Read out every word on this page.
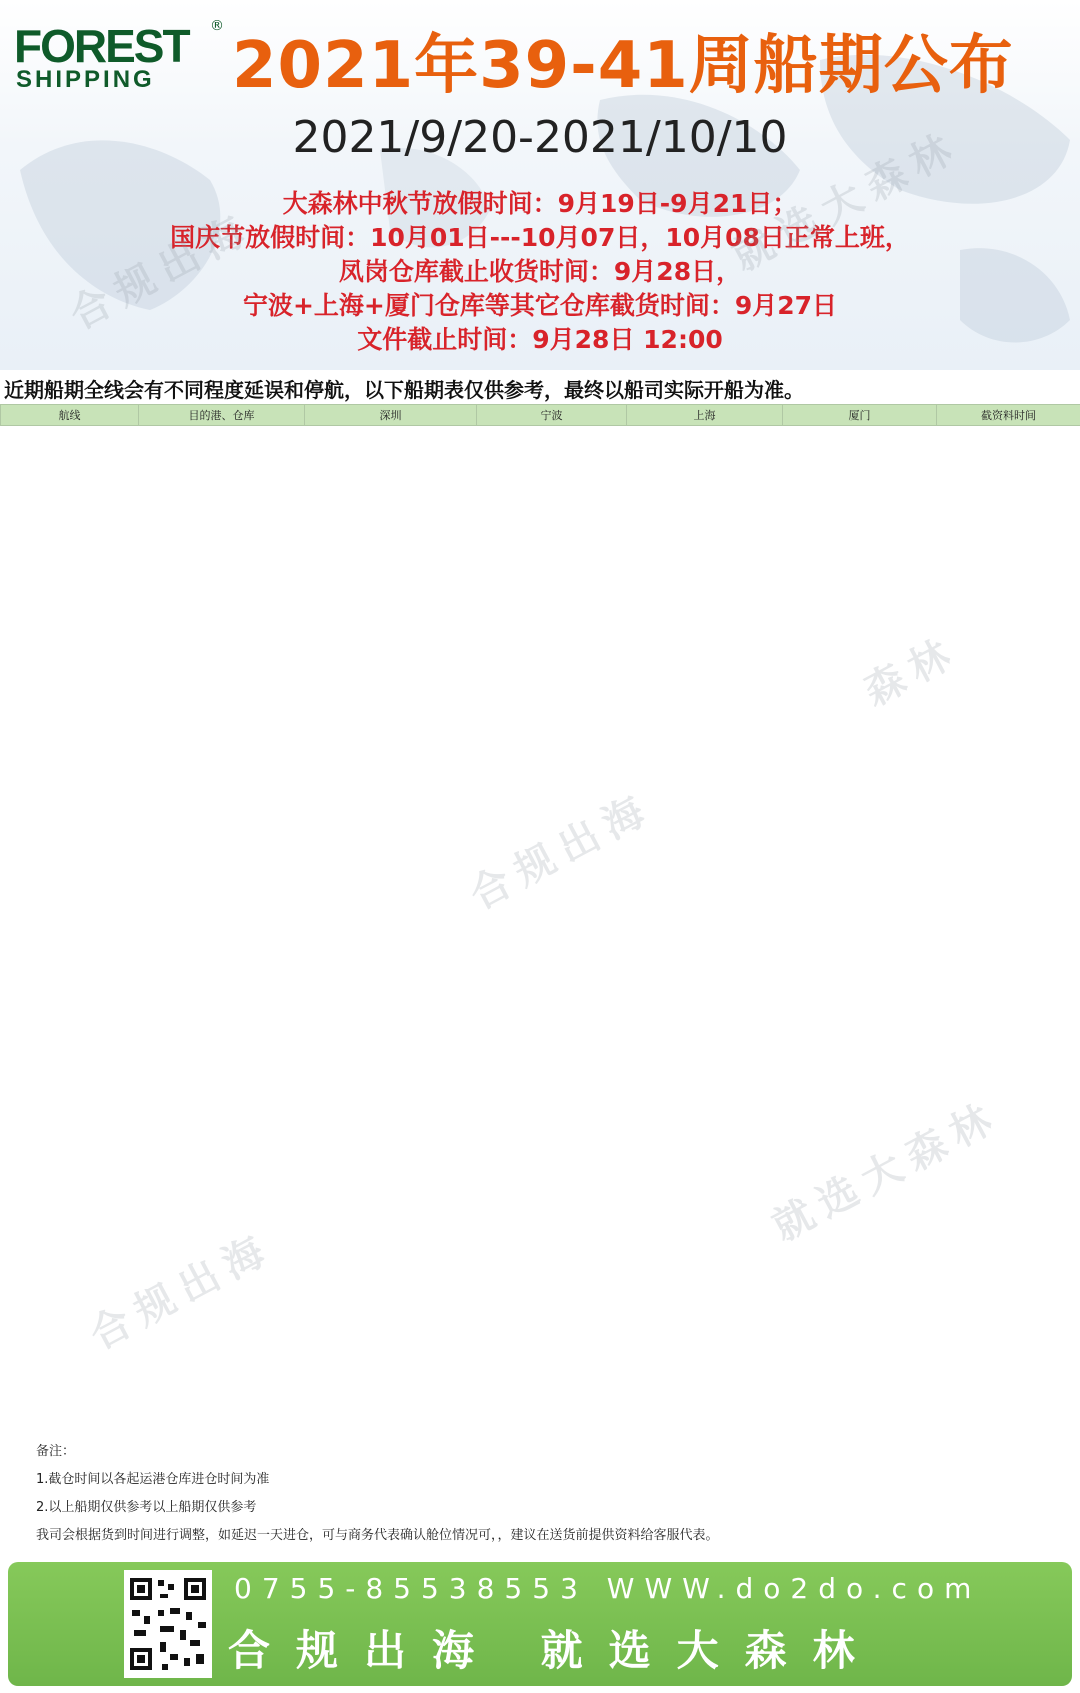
FOREST
SHIPPING
®
2021年39-41周船期公布
2021/9/20-2021/10/10
大森林中秋节放假时间：9月19日-9月21日；
国庆节放假时间：10月01日---10月07日，10月08日正常上班，
凤岗仓库截止收货时间：9月28日，
宁波+上海+厦门仓库等其它仓库截货时间：9月27日
文件截止时间：9月28日 12:00
近期船期全线会有不同程度延误和停航，以下船期表仅供参考，最终以船司实际开船为准。
航线	目的港、仓库	深圳	宁波	上海	厦门	截资料时间
合规出海	就选大森林
合规出海
森林
合规出海
就选大森林
备注：
1.截仓时间以各起运港仓库进仓时间为准
2.以上船期仅供参考以上船期仅供参考
我司会根据货到时间进行调整，如延迟一天进仓，可与商务代表确认舱位情况可，，建议在送货前提供资料给客服代表。
0755-85538553 WWW.do2do.com
合规出海 就选大森林
